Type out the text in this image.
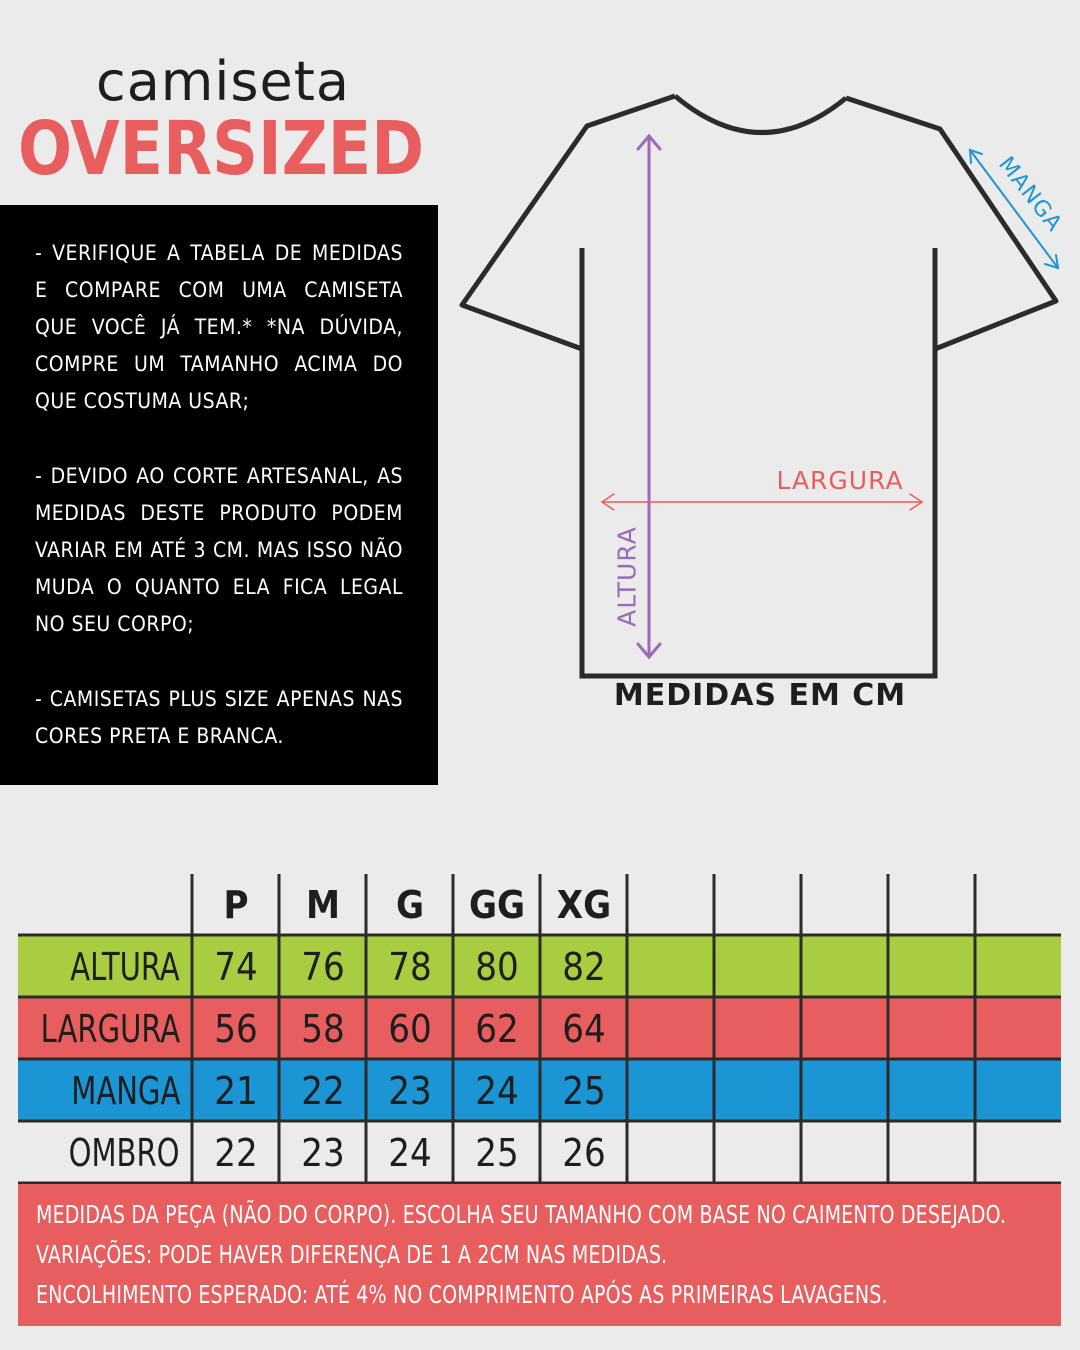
camiseta
OVERSIZED
- VERIFIQUE A TABELA DE MEDIDAS E COMPARE COM UMA CAMISETA QUE VOCÊ JÁ TEM.* *NA DÚVIDA, COMPRE UM TAMANHO ACIMA DO QUE COSTUMA USAR;
- DEVIDO AO CORTE ARTESANAL, AS MEDIDAS DESTE PRODUTO PODEM VARIAR EM ATÉ 3 CM. MAS ISSO NÃO MUDA O QUANTO ELA FICA LEGAL NO SEU CORPO;
- CAMISETAS PLUS SIZE APENAS NAS CORES PRETA E BRANCA.
LARGURA
ALTURA
MANGA
MEDIDAS EM CM
P	M	G	GG XG
ALTURA 74	76	78	80	82
LARGURA 56	58	60	62	64
MANGA 21	22	23	24	25
OMBRO 22	23	24	25	26
MEDIDAS DA PEÇA (NÃO DO CORPO). ESCOLHA SEU TAMANHO COM BASE NO CAIMENTO DESEJADO.
VARIAÇÕES: PODE HAVER DIFERENÇA DE 1 A 2CM NAS MEDIDAS.
ENCOLHIMENTO ESPERADO: ATÉ 4% NO COMPRIMENTO APÓS AS PRIMEIRAS LAVAGENS.
